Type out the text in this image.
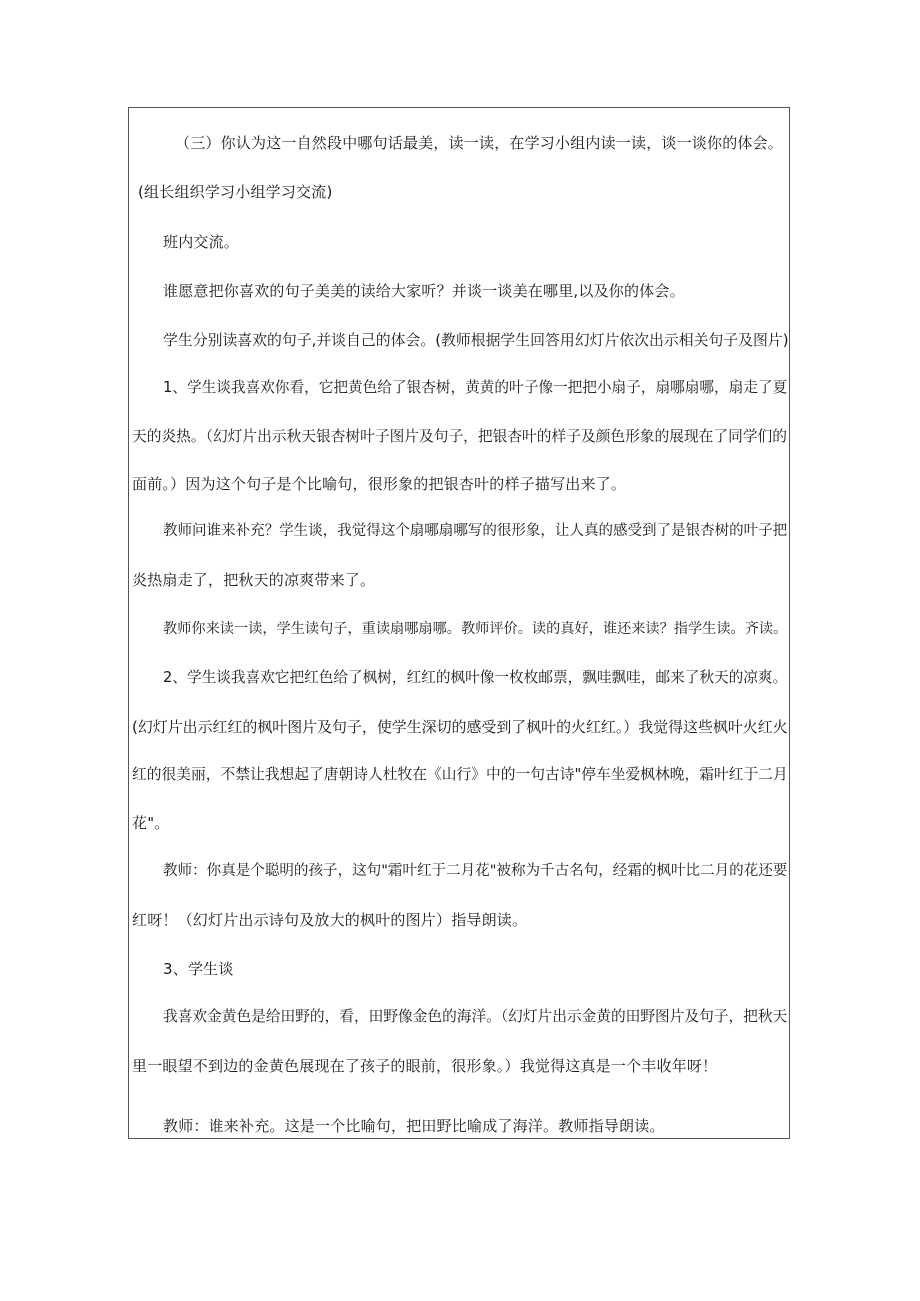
（三）你认为这一自然段中哪句话最美，读一读，在学习小组内读一读，谈一谈你的体会。
(组长组织学习小组学习交流)
班内交流。
谁愿意把你喜欢的句子美美的读给大家听？并谈一谈美在哪里,以及你的体会。
学生分别读喜欢的句子,并谈自己的体会。(教师根据学生回答用幻灯片依次出示相关句子及图片)
1、学生谈我喜欢你看，它把黄色给了银杏树，黄黄的叶子像一把把小扇子，扇哪扇哪，扇走了夏
天的炎热。（幻灯片出示秋天银杏树叶子图片及句子，把银杏叶的样子及颜色形象的展现在了同学们的
面前。）因为这个句子是个比喻句，很形象的把银杏叶的样子描写出来了。
教师问谁来补充？学生谈，我觉得这个扇哪扇哪写的很形象，让人真的感受到了是银杏树的叶子把
炎热扇走了，把秋天的凉爽带来了。
教师你来读一读，学生读句子，重读扇哪扇哪。教师评价。读的真好，谁还来读？指学生读。齐读。
2、学生谈我喜欢它把红色给了枫树，红红的枫叶像一枚枚邮票，飘哇飘哇，邮来了秋天的凉爽。
(幻灯片出示红红的枫叶图片及句子，使学生深切的感受到了枫叶的火红红。）我觉得这些枫叶火红火
红的很美丽，不禁让我想起了唐朝诗人杜牧在《山行》中的一句古诗"停车坐爱枫林晚，霜叶红于二月
花"。
教师：你真是个聪明的孩子，这句"霜叶红于二月花"被称为千古名句，经霜的枫叶比二月的花还要
红呀！（幻灯片出示诗句及放大的枫叶的图片）指导朗读。
3、学生谈
我喜欢金黄色是给田野的，看，田野像金色的海洋。（幻灯片出示金黄的田野图片及句子，把秋天
里一眼望不到边的金黄色展现在了孩子的眼前，很形象。）我觉得这真是一个丰收年呀！
教师：谁来补充。这是一个比喻句，把田野比喻成了海洋。教师指导朗读。
